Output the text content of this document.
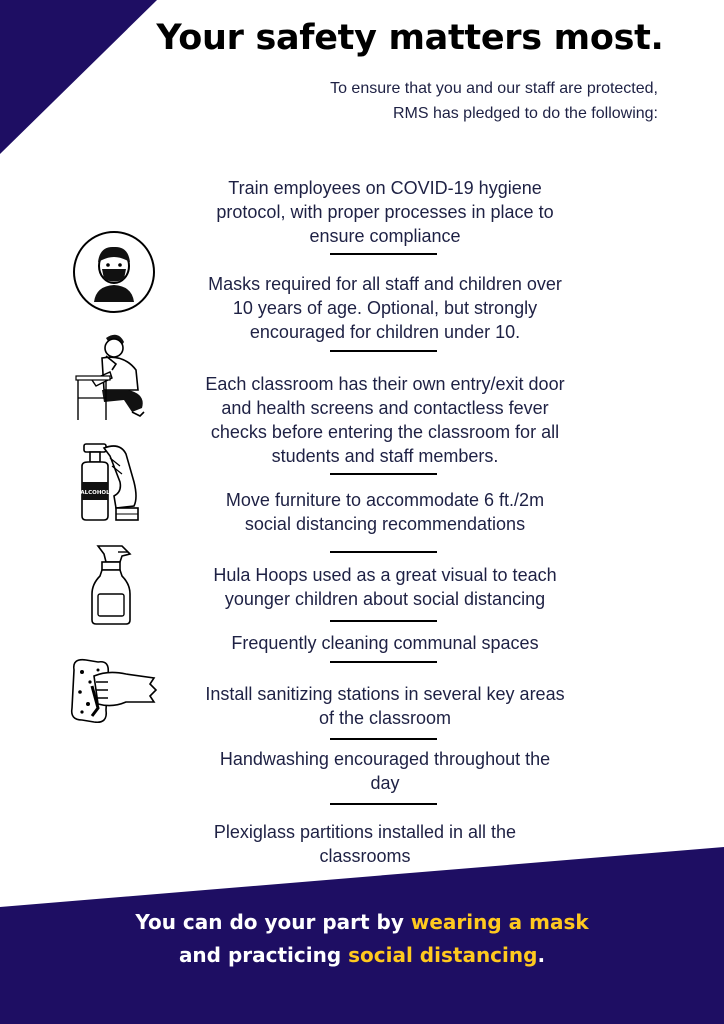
Your safety matters most.
To ensure that you and our staff are protected,
RMS has pledged to do the following:
Train employees on COVID-19 hygiene
protocol, with proper processes in place to
ensure compliance
Masks required for all staff and children over
10 years of age. Optional, but strongly
encouraged for children under 10.
Each classroom has their own entry/exit door
and health screens and contactless fever
checks before entering the classroom for all
students and staff members.
Move furniture to accommodate 6 ft./2m
social distancing recommendations
Hula Hoops used as a great visual to teach
younger children about social distancing
Frequently cleaning communal spaces
Install sanitizing stations in several key areas
of the classroom
Handwashing encouraged throughout the
day
Plexiglass partitions installed in all the
classrooms
ALCOHOL
You can do your part by wearing a mask
and practicing social distancing.
